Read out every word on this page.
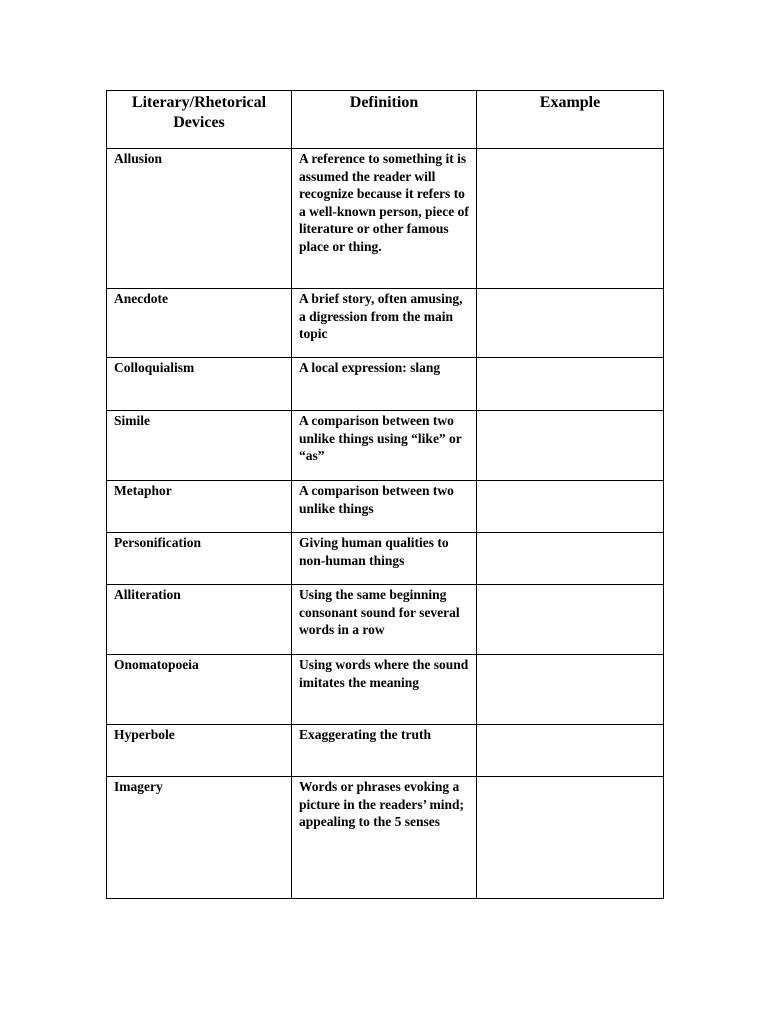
Literary/Rhetorical Devices	Definition	Example
Allusion	A reference to something it is assumed the reader will recognize because it refers to a well-known person, piece of literature or other famous place or thing.	
Anecdote	A brief story, often amusing, a digression from the main topic	
Colloquialism	A local expression: slang	
Simile	A comparison between two unlike things using “like” or “as”	
Metaphor	A comparison between two unlike things	
Personification	Giving human qualities to non-human things	
Alliteration	Using the same beginning consonant sound for several words in a row	
Onomatopoeia	Using words where the sound imitates the meaning	
Hyperbole	Exaggerating the truth	
Imagery	Words or phrases evoking a picture in the readers’ mind; appealing to the 5 senses	
